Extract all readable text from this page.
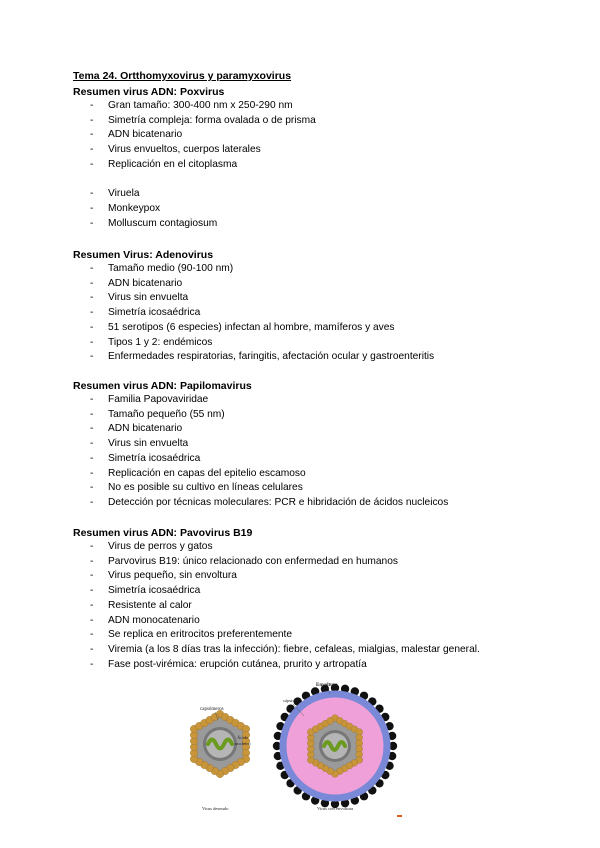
Tema 24. Ortthomyxovirus y paramyxovirus
Resumen virus ADN: Poxvirus
- Gran tamaño: 300-400 nm x 250-290 nm
- Simetría compleja: forma ovalada o de prisma
- ADN bicatenario
- Virus envueltos, cuerpos laterales
- Replicación en el citoplasma
- Viruela
- Monkeypox
- Molluscum contagiosum
Resumen Virus: Adenovirus
- Tamaño medio (90-100 nm)
- ADN bicatenario
- Virus sin envuelta
- Simetría icosaédrica
- 51 serotipos (6 especies) infectan al hombre, mamíferos y aves
- Tipos 1 y 2: endémicos
- Enfermedades respiratorias, faringitis, afectación ocular y gastroenteritis
Resumen virus ADN: Papilomavirus
- Familia Papovaviridae
- Tamaño pequeño (55 nm)
- ADN bicatenario
- Virus sin envuelta
- Simetría icosaédrica
- Replicación en capas del epitelio escamoso
- No es posible su cultivo en líneas celulares
- Detección por técnicas moleculares: PCR e hibridación de ácidos nucleicos
Resumen virus ADN: Pavovirus B19
- Virus de perros y gatos
- Parvovirus B19: único relacionado con enfermedad en humanos
- Virus pequeño, sin envoltura
- Simetría icosaédrica
- Resistente al calor
- ADN monocatenario
- Se replica en eritrocitos preferentemente
- Viremia (a los 8 días tras la infección): fiebre, cefaleas, mialgias, malestar general.
- Fase post-virémica: erupción cutánea, prurito y artropatía
capsómeros
Ácido
nucleico
Envoltura
cápsides
Virus desnudo	Virus con envoltura
